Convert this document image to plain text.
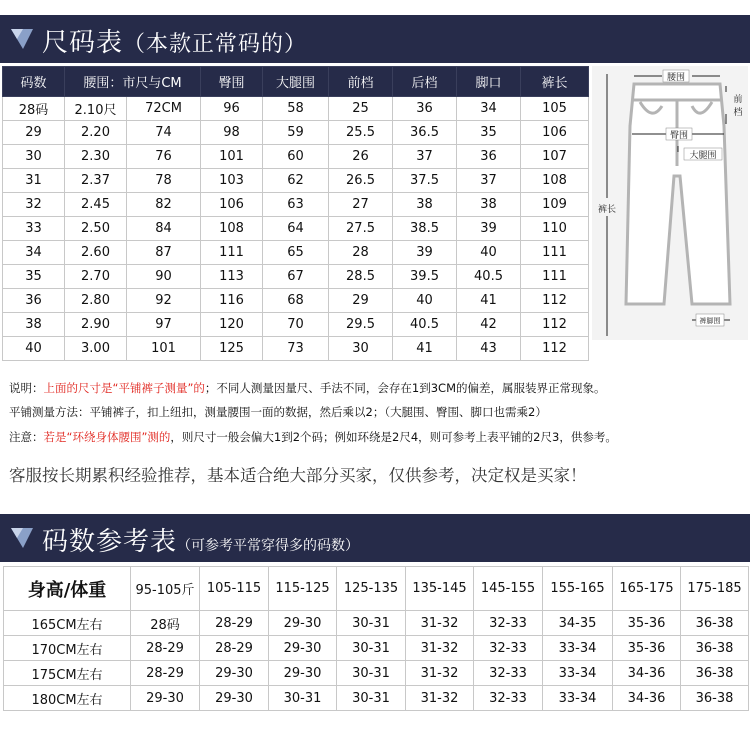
尺码表（本款正常码的）
码数	腰围：市尺与CM		臀围	大腿围	前档	后档	脚口	裤长
28码	2.10尺	72CM	96	58	25	36	34	105
29	2.20	74	98	59	25.5	36.5	35	106
30	2.30	76	101	60	26	37	36	107
31	2.37	78	103	62	26.5	37.5	37	108
32	2.45	82	106	63	27	38	38	109
33	2.50	84	108	64	27.5	38.5	39	110
34	2.60	87	111	65	28	39	40	111
35	2.70	90	113	67	28.5	39.5	40.5	111
36	2.80	92	116	68	29	40	41	112
38	2.90	97	120	70	29.5	40.5	42	112
40	3.00	101	125	73	30	41	43	112
腰围
前档
臀围
大腿围
裤长
裤脚围
说明：上面的尺寸是“平铺裤子测量”的；不同人测量因量尺、手法不同，会存在1到3CM的偏差，属服装界正常现象。
平铺测量方法：平铺裤子，扣上纽扣，测量腰围一面的数据，然后乘以2；（大腿围、臀围、脚口也需乘2）
注意：若是“环绕身体腰围”测的，则尺寸一般会偏大1到2个码；例如环绕是2尺4，则可参考上表平铺的2尺3，供参考。
客服按长期累积经验推荐，基本适合绝大部分买家，仅供参考，决定权是买家！
码数参考表（可参考平常穿得多的码数）
身高/体重	95-105斤	105-115	115-125	125-135	135-145	145-155	155-165	165-175	175-185
165CM左右	28码	28-29	29-30	30-31	31-32	32-33	34-35	35-36	36-38
170CM左右	28-29	28-29	29-30	30-31	31-32	32-33	33-34	35-36	36-38
175CM左右	28-29	29-30	29-30	30-31	31-32	32-33	33-34	34-36	36-38
180CM左右	29-30	29-30	30-31	30-31	31-32	32-33	33-34	34-36	36-38
